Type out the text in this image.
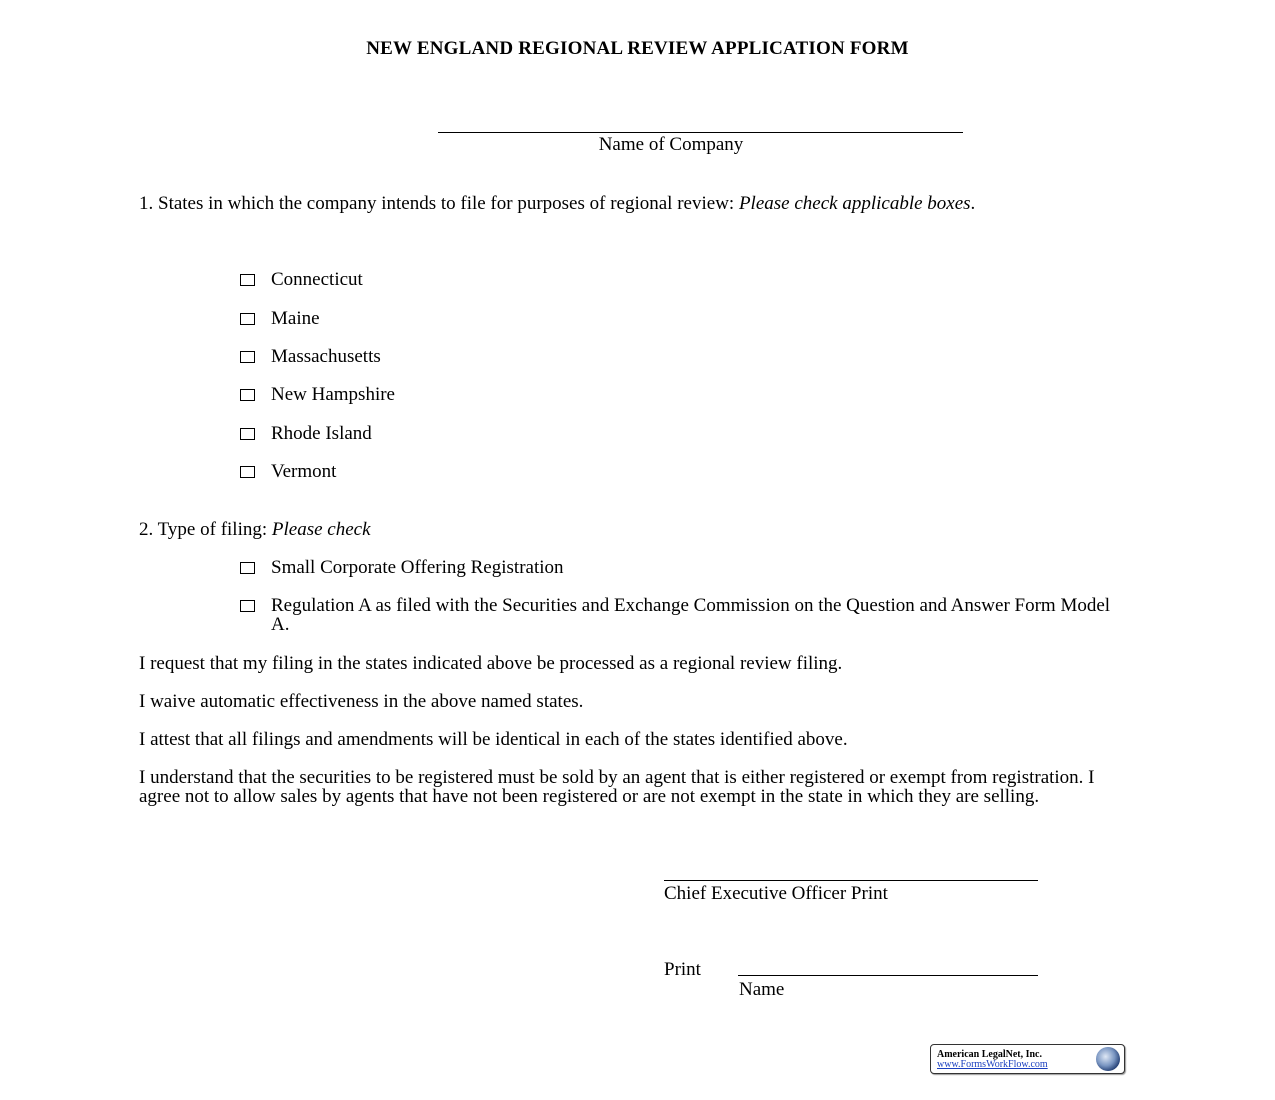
NEW ENGLAND REGIONAL REVIEW APPLICATION FORM
Name of Company
1. States in which the company intends to file for purposes of regional review: Please check applicable boxes.
Connecticut
Maine
Massachusetts
New Hampshire
Rhode Island
Vermont
2. Type of filing: Please check
Small Corporate Offering Registration
Regulation A as filed with the Securities and Exchange Commission on the Question and Answer Form Model A.
I request that my filing in the states indicated above be processed as a regional review filing.
I waive automatic effectiveness in the above named states.
I attest that all filings and amendments will be identical in each of the states identified above.
I understand that the securities to be registered must be sold by an agent that is either registered or exempt from registration. I agree not to allow sales by agents that have not been registered or are not exempt in the state in which they are selling.
Chief Executive Officer Print
Print
Name
American LegalNet, Inc.
www.FormsWorkFlow.com
